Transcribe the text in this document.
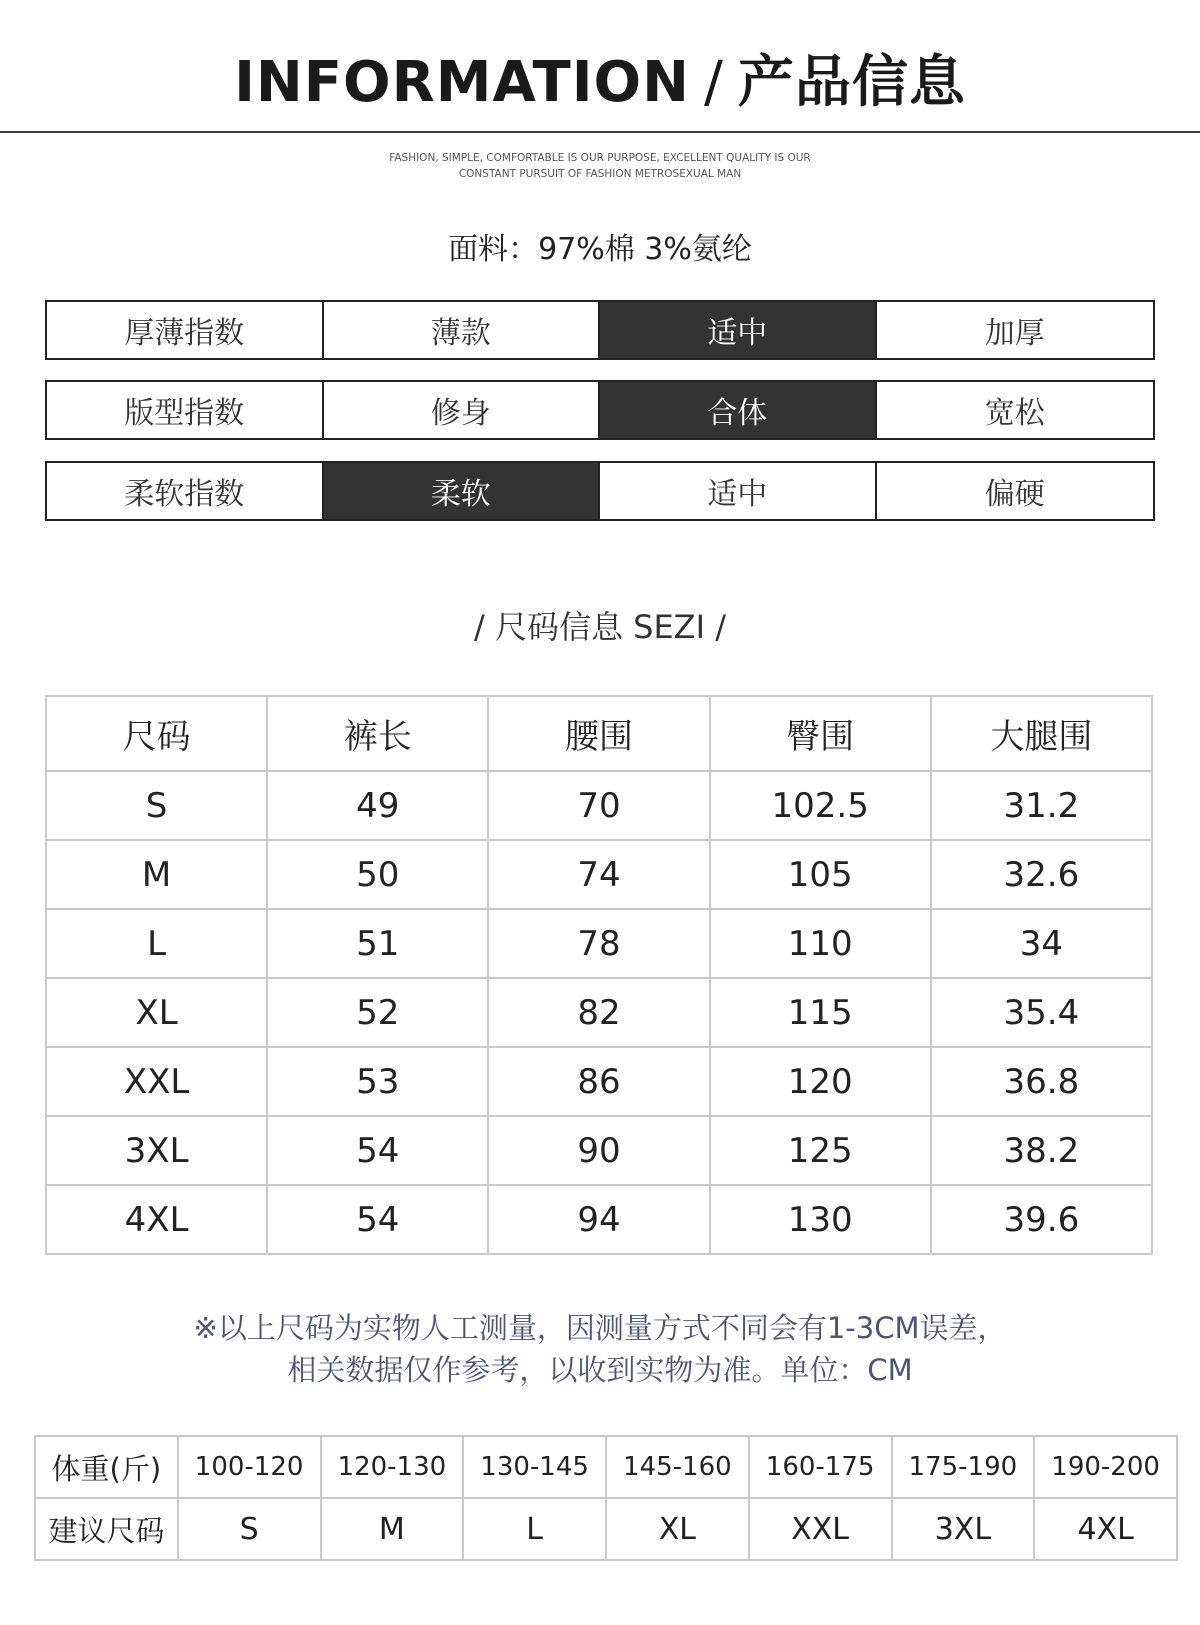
INFORMATION / 产品信息
FASHION, SIMPLE, COMFORTABLE IS OUR PURPOSE, EXCELLENT QUALITY IS OUR
CONSTANT PURSUIT OF FASHION METROSEXUAL MAN
面料：97%棉 3%氨纶
厚薄指数	薄款	适中	加厚
版型指数	修身	合体	宽松
柔软指数	柔软	适中	偏硬
/ 尺码信息 SEZI /
尺码	裤长	腰围	臀围	大腿围
S	49	70	102.5	31.2
M	50	74	105	32.6
L	51	78	110	34
XL	52	82	115	35.4
XXL	53	86	120	36.8
3XL	54	90	125	38.2
4XL	54	94	130	39.6
※以上尺码为实物人工测量，因测量方式不同会有1-3CM误差，
相关数据仅作参考，以收到实物为准。单位：CM
体重(斤)	100-120	120-130	130-145	145-160	160-175	175-190	190-200
建议尺码	S	M	L	XL	XXL	3XL	4XL
